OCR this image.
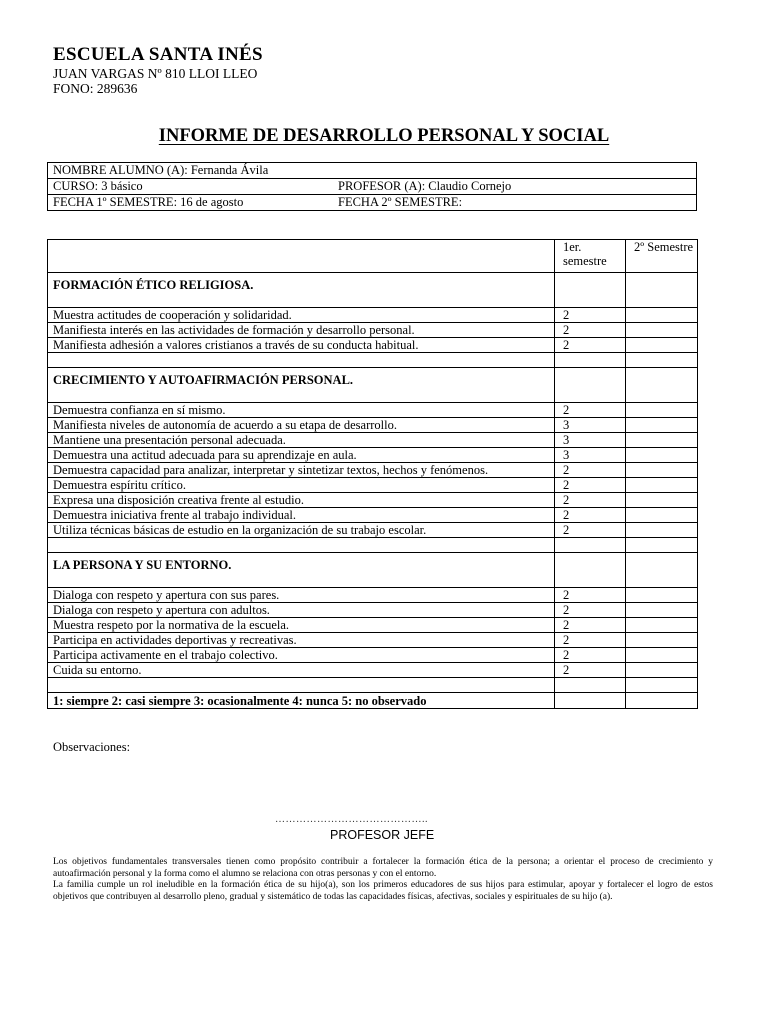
ESCUELA SANTA INÉS
JUAN VARGAS Nº 810 LLOI LLEO
FONO: 289636
INFORME DE DESARROLLO PERSONAL Y SOCIAL
NOMBRE ALUMNO (A): Fernanda Ávila	
CURSO: 3 básico	PROFESOR (A): Claudio Cornejo
FECHA 1º SEMESTRE: 16 de agosto	FECHA 2º SEMESTRE:
	1er. semestre	2º Semestre
FORMACIÓN ÉTICO RELIGIOSA.		
Muestra actitudes de cooperación y solidaridad.	2	
Manifiesta interés en las actividades de formación y desarrollo personal.	2	
Manifiesta adhesión a valores cristianos a través de su conducta habitual.	2	

CRECIMIENTO Y AUTOAFIRMACIÓN PERSONAL.		
Demuestra confianza en sí mismo.	2	
Manifiesta niveles de autonomía de acuerdo a su etapa de desarrollo.	3	
Mantiene una presentación personal adecuada.	3	
Demuestra una actitud adecuada para su aprendizaje en aula.	3	
Demuestra capacidad para analizar, interpretar y sintetizar textos, hechos y fenómenos.	2	
Demuestra espíritu crítico.	2	
Expresa una disposición creativa frente al estudio.	2	
Demuestra iniciativa frente al trabajo individual.	2	
Utiliza técnicas básicas de estudio en la organización de su trabajo escolar.	2	

LA PERSONA Y SU ENTORNO.		
Dialoga con respeto y apertura con sus pares.	2	
Dialoga con respeto y apertura con adultos.	2	
Muestra respeto por la normativa de la escuela.	2	
Participa en actividades deportivas y recreativas.	2	
Participa activamente en el trabajo colectivo.	2	
Cuida su entorno.	2	

1: siempre 2: casi siempre 3: ocasionalmente 4: nunca 5: no observado		
Observaciones:
……………………………………..
PROFESOR JEFE

Los objetivos fundamentales transversales tienen como propósito contribuir a fortalecer la formación ética de la persona; a orientar el proceso de crecimiento y autoafirmación personal y la forma como el alumno se relaciona con otras personas y con el entorno.

La familia cumple un rol ineludible en la formación ética de su hijo(a), son los primeros educadores de sus hijos para estimular, apoyar y fortalecer el logro de estos objetivos que contribuyen al desarrollo pleno, gradual y sistemático de todas las capacidades físicas, afectivas, sociales y espirituales de su hijo (a).
